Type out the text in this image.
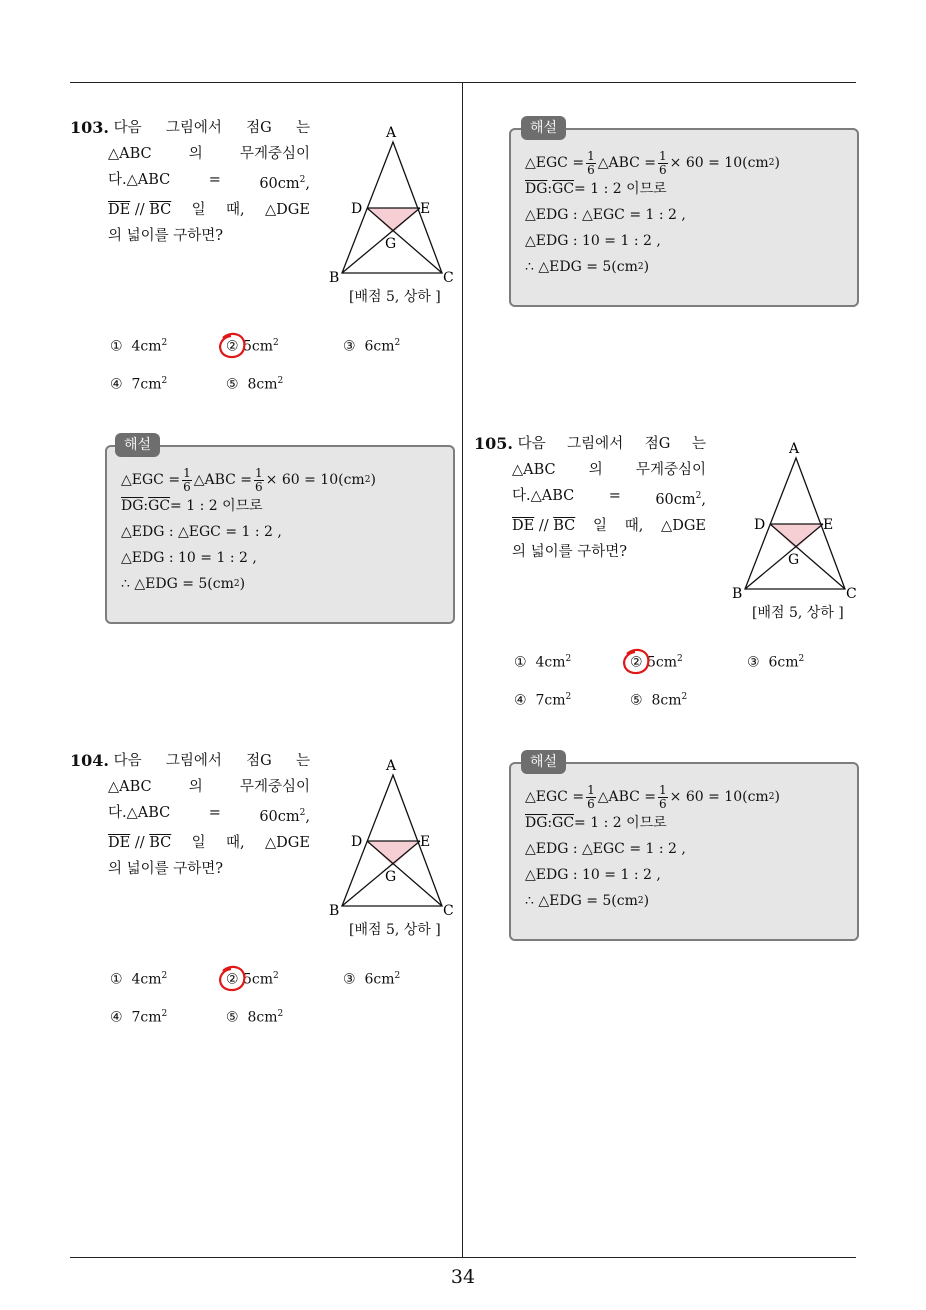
34
103.
다음 그림에서 점G 는
△ABC	의	무게중심이
다.△ABC	=	$60cm^2$,
$\overline{DE} // \overline{BC}$ 일 때, △DGE
의 넓이를 구하면?
A
B	C
D	E
G
[배점 5, 상하 ]
① $4cm^2$	② $5cm^2$	③ $6cm^2$
④ $7cm^2$	⑤ $8cm^2$
해설
△EGC = $\frac{1}{6}$ △ABC = $\frac{1}{6} \times 60 = 10(cm$ 2 )
$\overline{DG}$ : $\overline{GC} = 1$ : 2 이므로
△EDG : △EGC = 1 : 2 ,
△EDG : 10 = 1 : 2 ,
∴ △EDG = 5(cm 2 )
104.
다음 그림에서 점G 는
△ABC	의	무게중심이
다.△ABC	=	$60cm^2$,
$\overline{DE} // \overline{BC}$ 일 때, △DGE
의 넓이를 구하면?
A
B	C
D	E
G
[배점 5, 상하 ]
① $4cm^2$	② $5cm^2$	③ $6cm^2$
④ $7cm^2$	⑤ $8cm^2$
해설
△EGC = $\frac{1}{6}$ △ABC = $\frac{1}{6} \times 60 = 10(cm$ 2 )
$\overline{DG}$ : $\overline{GC} = 1$ : 2 이므로
△EDG : △EGC = 1 : 2 ,
△EDG : 10 = 1 : 2 ,
∴ △EDG = 5(cm 2 )
105.
다음 그림에서 점G 는
△ABC 의 무게중심이
다.△ABC = $60cm^2$,
$\overline{DE} // \overline{BC}$ 일 때, △DGE
의 넓이를 구하면?
A
B	C
D	E
G
[배점 5, 상하 ]
① $4cm^2$	② $5cm^2$	③ $6cm^2$
④ $7cm^2$	⑤ $8cm^2$
해설
△EGC = $\frac{1}{6}$ △ABC = $\frac{1}{6} \times 60 = 10(cm$ 2 )
$\overline{DG}$ : $\overline{GC} = 1$ : 2 이므로
△EDG : △EGC = 1 : 2 ,
△EDG : 10 = 1 : 2 ,
∴ △EDG = 5(cm 2 )
